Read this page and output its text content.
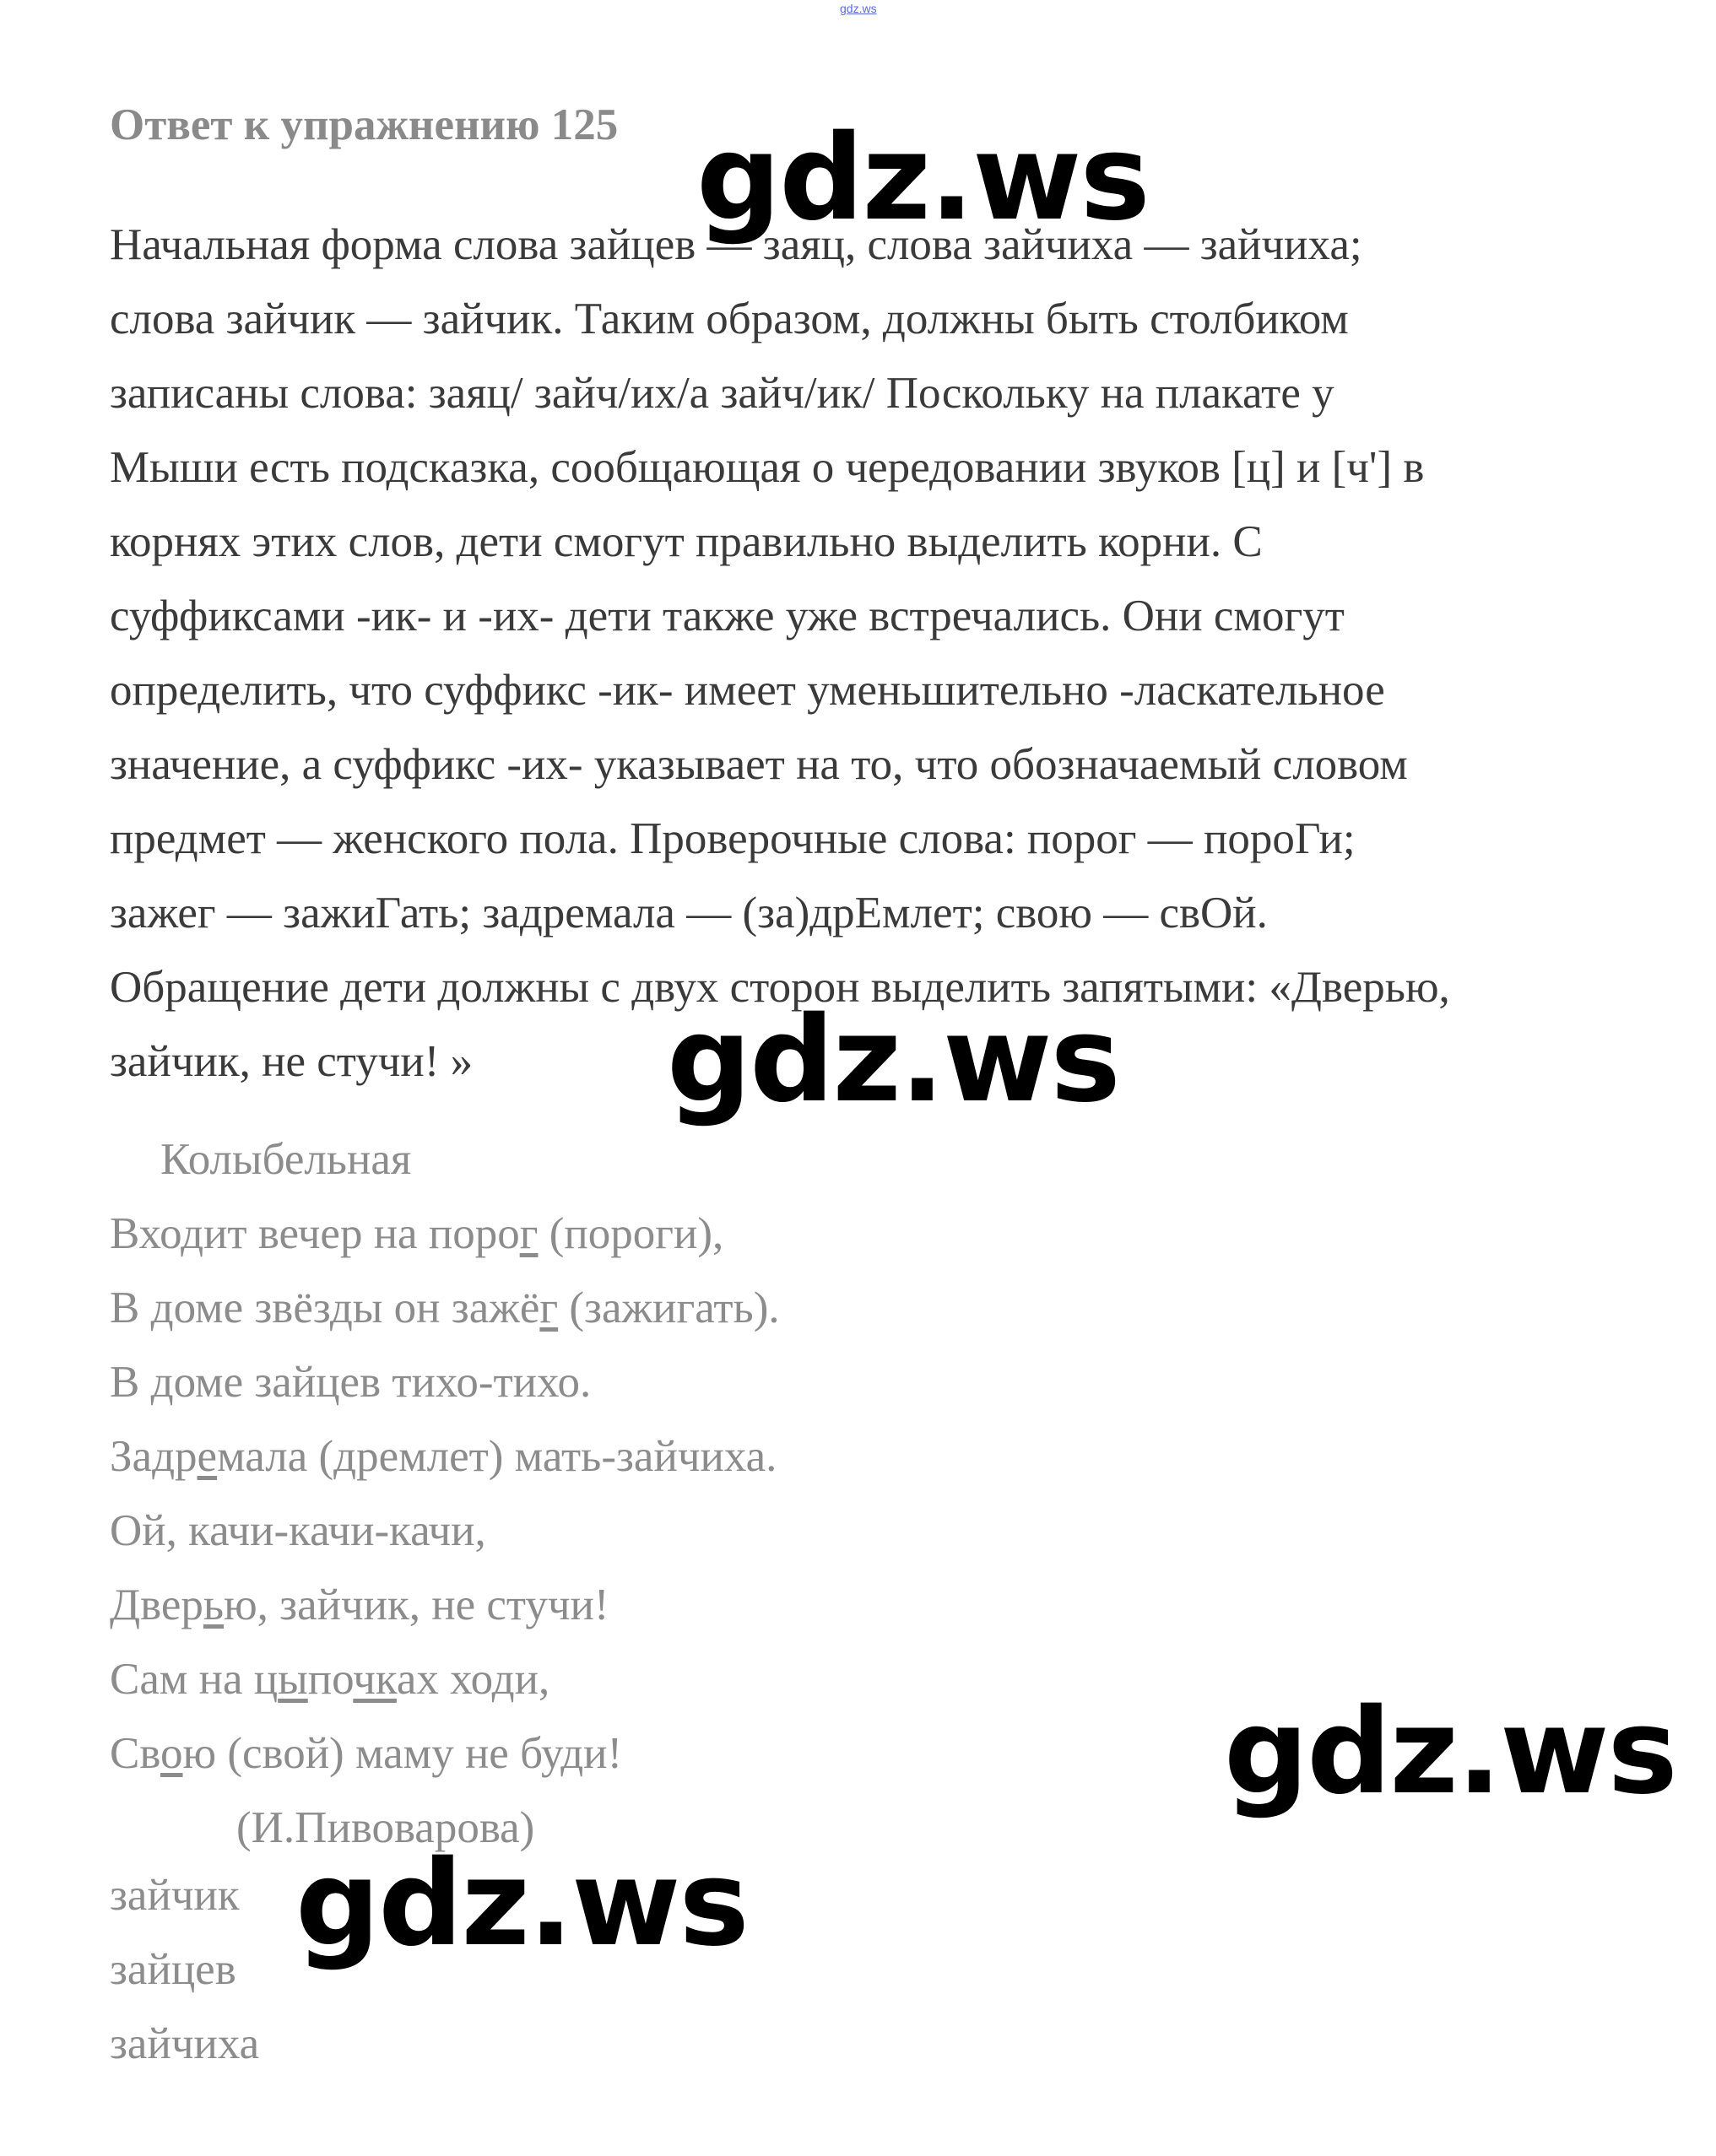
gdz.ws
Ответ к упражнению 125

Начальная форма слова зайцев — заяц, слова зайчиха — зайчиха;
слова зайчик — зайчик. Таким образом, должны быть столбиком
записаны слова: заяц/ зайч/их/а зайч/ик/ Поскольку на плакате у
Мыши есть подсказка, сообщающая о чередовании звуков [ц] и [ч'] в
корнях этих слов, дети смогут правильно выделить корни. С
суффиксами -ик- и -их- дети также уже встречались. Они смогут
определить, что суффикс -ик- имеет уменьшительно -ласкательное
значение, а суффикс -их- указывает на то, что обозначаемый словом
предмет — женского пола. Проверочные слова: порог — пороГи;
зажег — зажиГать; задремала — (за)дрЕмлет; свою — свОй.
Обращение дети должны с двух сторон выделить запятыми: «Дверью,
зайчик, не стучи! »

Колыбельная
Входит вечер на порог (пороги),
В доме звёзды он зажёг (зажигать).
В доме зайцев тихо-тихо.
Задремала (дремлет) мать-зайчиха.
Ой, качи-качи-качи,
Дверью, зайчик, не стучи!
Сам на цыпочках ходи,
Свою (свой) маму не буди!
(И.Пивоварова)
зайчик
зайцев
зайчиха
gdz.ws
gdz.ws
gdz.ws
gdz.ws
